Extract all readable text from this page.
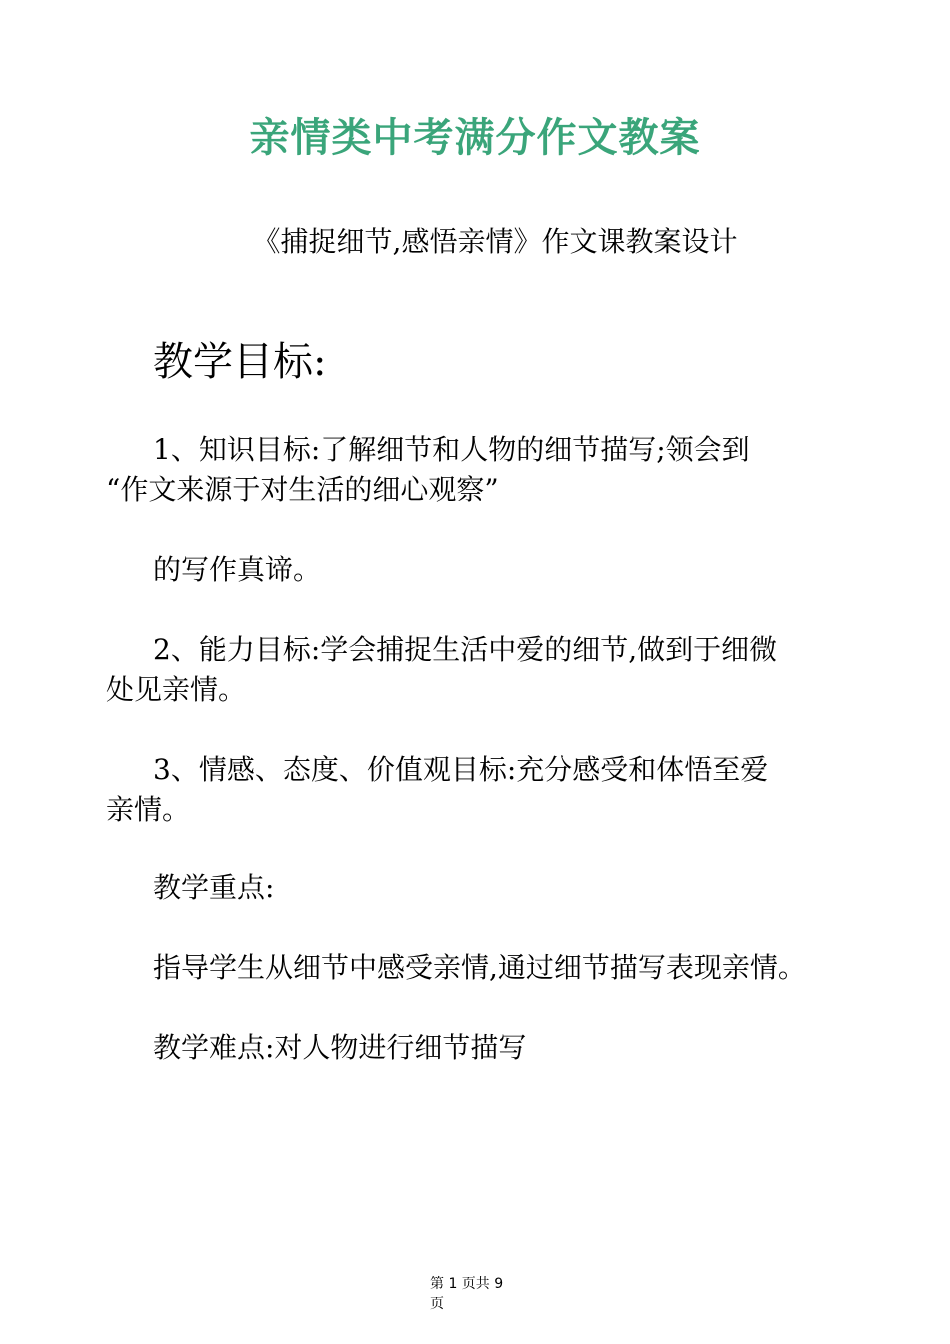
亲情类中考满分作文教案
《捕捉细节,感悟亲情》作文课教案设计
教学目标:
1、知识目标:了解细节和人物的细节描写;领会到
“作文来源于对生活的细心观察”
的写作真谛。
2、能力目标:学会捕捉生活中爱的细节,做到于细微
处见亲情。
3、情感、态度、价值观目标:充分感受和体悟至爱
亲情。
教学重点:
指导学生从细节中感受亲情,通过细节描写表现亲情。
教学难点:对人物进行细节描写
第 1 页共 9
页
